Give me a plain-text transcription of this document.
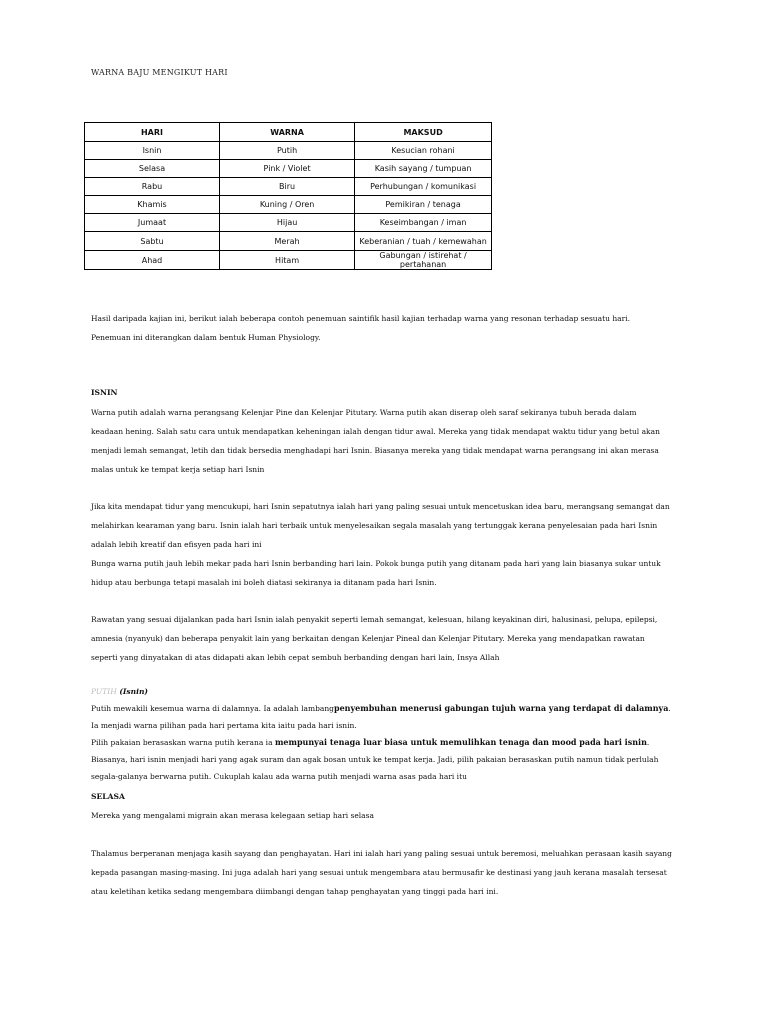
WARNA BAJU MENGIKUT HARI
HARI	WARNA	MAKSUD
Isnin	Putih	Kesucian rohani
Selasa	Pink / Violet	Kasih sayang / tumpuan
Rabu	Biru	Perhubungan / komunikasi
Khamis	Kuning / Oren	Pemikiran / tenaga
Jumaat	Hijau	Keseimbangan / iman
Sabtu	Merah	Keberanian / tuah / kemewahan
Ahad	Hitam	Gabungan / istirehat / pertahanan

Hasil daripada kajian ini, berikut ialah beberapa contoh penemuan saintifik hasil kajian terhadap warna yang resonan terhadap sesuatu hari.

Penemuan ini diterangkan dalam bentuk Human Physiology.

ISNIN

Warna putih adalah warna perangsang Kelenjar Pine dan Kelenjar Pitutary. Warna putih akan diserap oleh saraf sekiranya tubuh berada dalam

keadaan hening. Salah satu cara untuk mendapatkan keheningan ialah dengan tidur awal. Mereka yang tidak mendapat waktu tidur yang betul akan

menjadi lemah semangat, letih dan tidak bersedia menghadapi hari Isnin. Biasanya mereka yang tidak mendapat warna perangsang ini akan merasa

malas untuk ke tempat kerja setiap hari Isnin

Jika kita mendapat tidur yang mencukupi, hari Isnin sepatutnya ialah hari yang paling sesuai untuk mencetuskan idea baru, merangsang semangat dan

melahirkan kearaman yang baru. Isnin ialah hari terbaik untuk menyelesaikan segala masalah yang tertunggak kerana penyelesaian pada hari Isnin

adalah lebih kreatif dan efisyen pada hari ini

Bunga warna putih jauh lebih mekar pada hari Isnin berbanding hari lain. Pokok bunga putih yang ditanam pada hari yang lain biasanya sukar untuk

hidup atau berbunga tetapi masalah ini boleh diatasi sekiranya ia ditanam pada hari Isnin.

Rawatan yang sesuai dijalankan pada hari Isnin ialah penyakit seperti lemah semangat, kelesuan, hilang keyakinan diri, halusinasi, pelupa, epilepsi,

amnesia (nyanyuk) dan beberapa penyakit lain yang berkaitan dengan Kelenjar Pineal dan Kelenjar Pitutary. Mereka yang mendapatkan rawatan

seperti yang dinyatakan di atas didapati akan lebih cepat sembuh berbanding dengan hari lain, Insya Allah

PUTIH (Isnin)

Putih mewakili kesemua warna di dalamnya. Ia adalah lambangpenyembuhan menerusi gabungan tujuh warna yang terdapat di dalamnya.

Ia menjadi warna pilihan pada hari pertama kita iaitu pada hari isnin.

Pilih pakaian berasaskan warna putih kerana ia mempunyai tenaga luar biasa untuk memulihkan tenaga dan mood pada hari isnin.

Biasanya, hari isnin menjadi hari yang agak suram dan agak bosan untuk ke tempat kerja. Jadi, pilih pakaian berasaskan putih namun tidak perlulah

segala-galanya berwarna putih. Cukuplah kalau ada warna putih menjadi warna asas pada hari itu

SELASA

Mereka yang mengalami migrain akan merasa kelegaan setiap hari selasa

Thalamus berperanan menjaga kasih sayang dan penghayatan. Hari ini ialah hari yang paling sesuai untuk beremosi, meluahkan perasaan kasih sayang

kepada pasangan masing-masing. Ini juga adalah hari yang sesuai untuk mengembara atau bermusafir ke destinasi yang jauh kerana masalah tersesat

atau keletihan ketika sedang mengembara diimbangi dengan tahap penghayatan yang tinggi pada hari ini.
